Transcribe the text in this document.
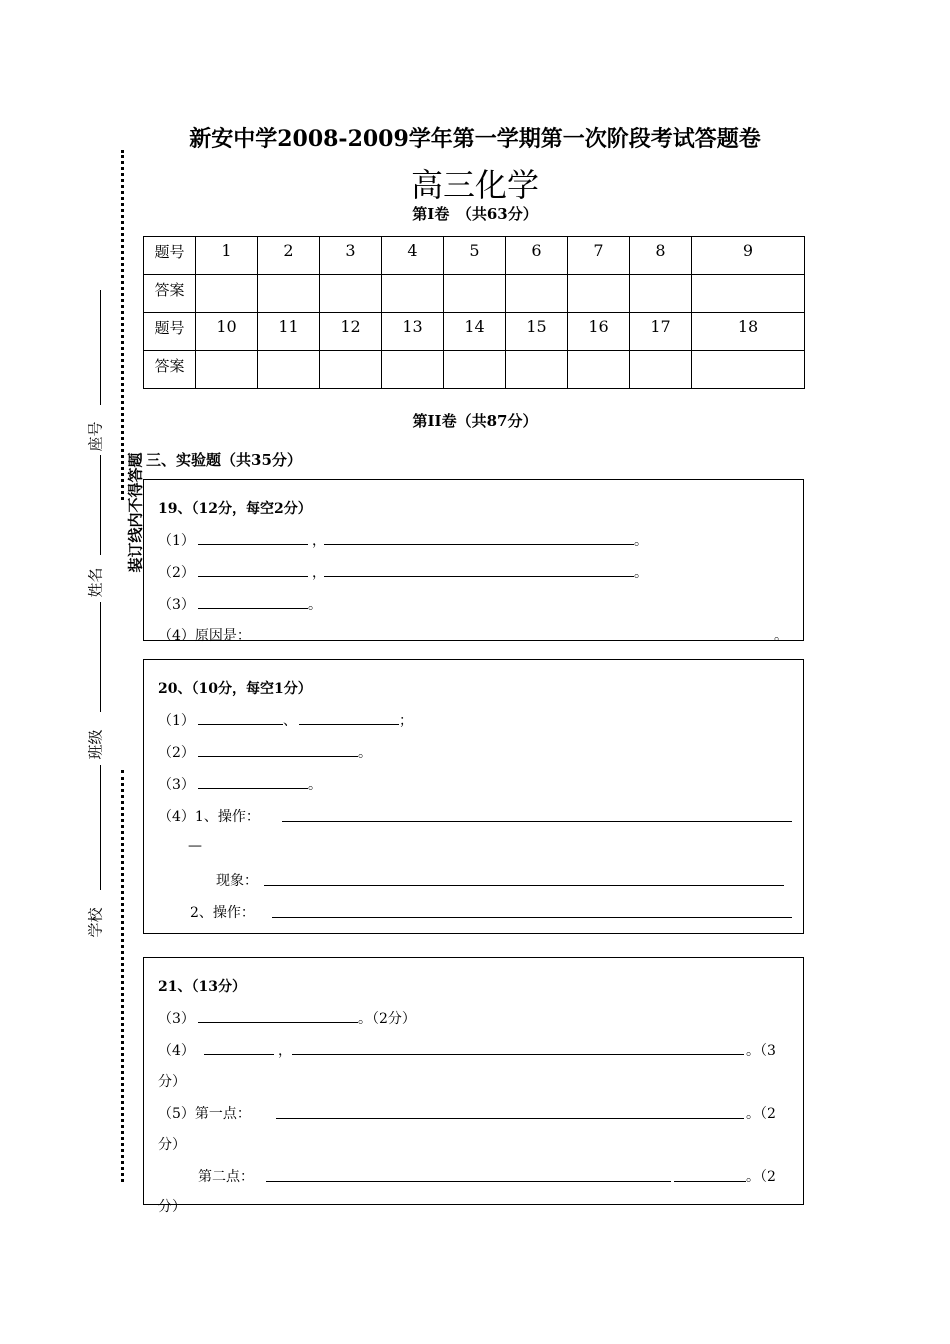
新安中学2008-2009学年第一学期第一次阶段考试答题卷
高三化学
第I卷　（共63分）
题号	1	2	3	4	5	6	7	8	9
答案									
题号	10	11	12	13	14	15	16	17	18
答案									
第II卷（共87分）
三、实验题（共35分）
装订线内不得答题
座号
姓名
班级
学校
19、（12分，每空2分）
（1）	，	。
（2）	，	。
（3）	。
（4）原因是：	。
20、（10分，每空1分）
（1）	、	；
（2）	。
（3）	。
（4）1、操作：
—
现象：
2、操作：
21、（13分）
（3）	。（2分）
（4）	，	。（3
分）
（5）第一点：	。（2
分）
第二点：	。（2
分）
